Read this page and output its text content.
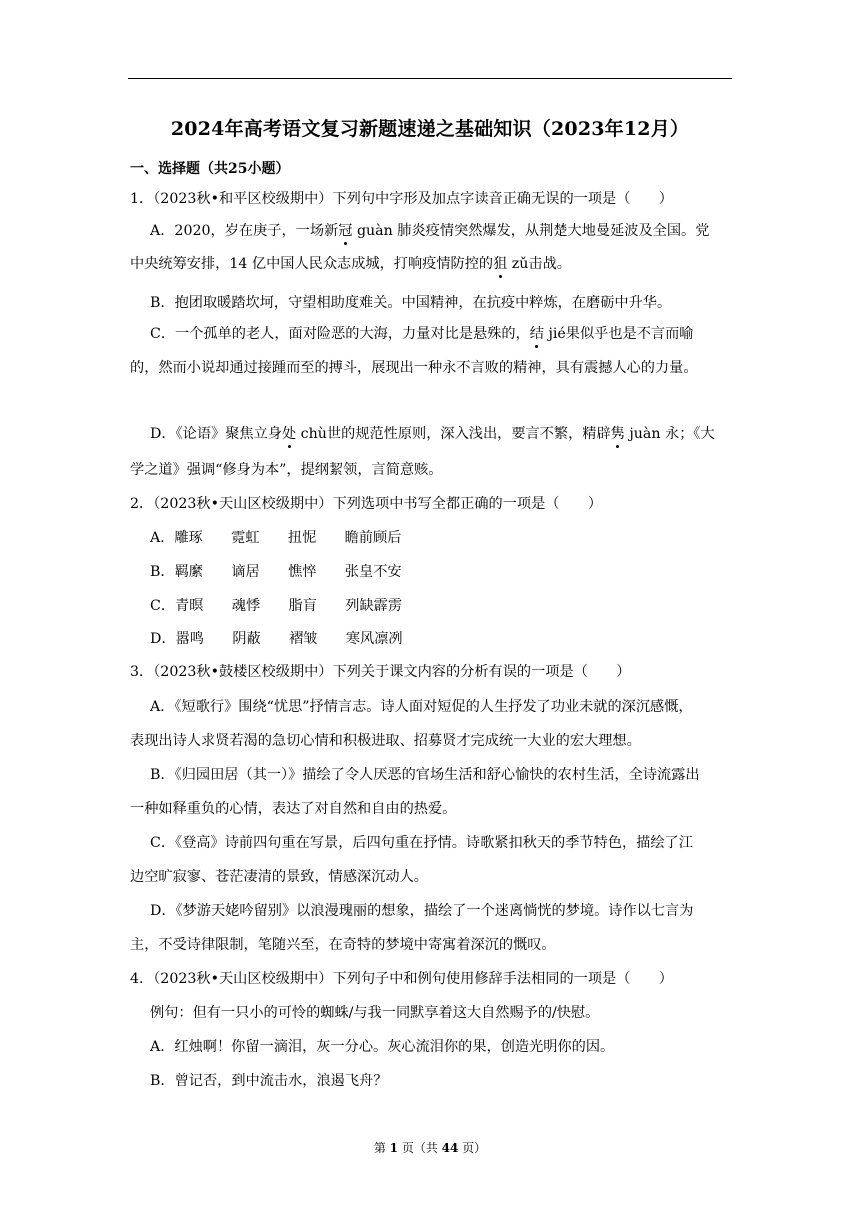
2024年高考语文复习新题速递之基础知识（2023年12月）
一、选择题（共25小题）
1．（2023秋•和平区校级期中）下列句中字形及加点字读音正确无误的一项是（　　）
A．2020，岁在庚子，一场新冠 guàn 肺炎疫情突然爆发，从荆楚大地曼延波及全国。党
中央统筹安排，14 亿中国人民众志成城，打响疫情防控的狙 zǔ击战。
B．抱团取暖踏坎坷，守望相助度难关。中国精神，在抗疫中粹炼，在磨砺中升华。
C．一个孤单的老人，面对险恶的大海，力量对比是悬殊的，结 jié果似乎也是不言而喻
的，然而小说却通过接踵而至的搏斗，展现出一种永不言败的精神，具有震撼人心的力量。
D．《论语》聚焦立身处 chù世的规范性原则，深入浅出，要言不繁，精辟隽 juàn 永；《大
学之道》强调“修身为本”，提纲絜领，言简意赅。
2．（2023秋•天山区校级期中）下列选项中书写全都正确的一项是（　　）
A．雕琢　　霓虹　　扭怩　　瞻前顾后
B．羁縻　　谪居　　憔悴　　张皇不安
C．青暝　　魂悸　　脂肓　　列缺霹雳
D．嚣鸣　　阴蔽　　褶皱　　寒风凛冽
3．（2023秋•鼓楼区校级期中）下列关于课文内容的分析有误的一项是（　　）
A．《短歌行》围绕“忧思”抒情言志。诗人面对短促的人生抒发了功业未就的深沉感慨，
表现出诗人求贤若渴的急切心情和积极进取、招募贤才完成统一大业的宏大理想。
B．《归园田居（其一）》描绘了令人厌恶的官场生活和舒心愉快的农村生活，全诗流露出
一种如释重负的心情，表达了对自然和自由的热爱。
C．《登高》诗前四句重在写景，后四句重在抒情。诗歌紧扣秋天的季节特色，描绘了江
边空旷寂寥、苍茫凄清的景致，情感深沉动人。
D．《梦游天姥吟留别》以浪漫瑰丽的想象，描绘了一个迷离惝恍的梦境。诗作以七言为
主，不受诗律限制，笔随兴至，在奇特的梦境中寄寓着深沉的慨叹。
4．（2023秋•天山区校级期中）下列句子中和例句使用修辞手法相同的一项是（　　）
例句：但有一只小的可怜的蜘蛛/与我一同默享着这大自然赐予的/快慰。
A．红烛啊！你留一滴泪，灰一分心。灰心流泪你的果，创造光明你的因。
B．曾记否，到中流击水，浪遏飞舟？
第 1 页（共 44 页）
